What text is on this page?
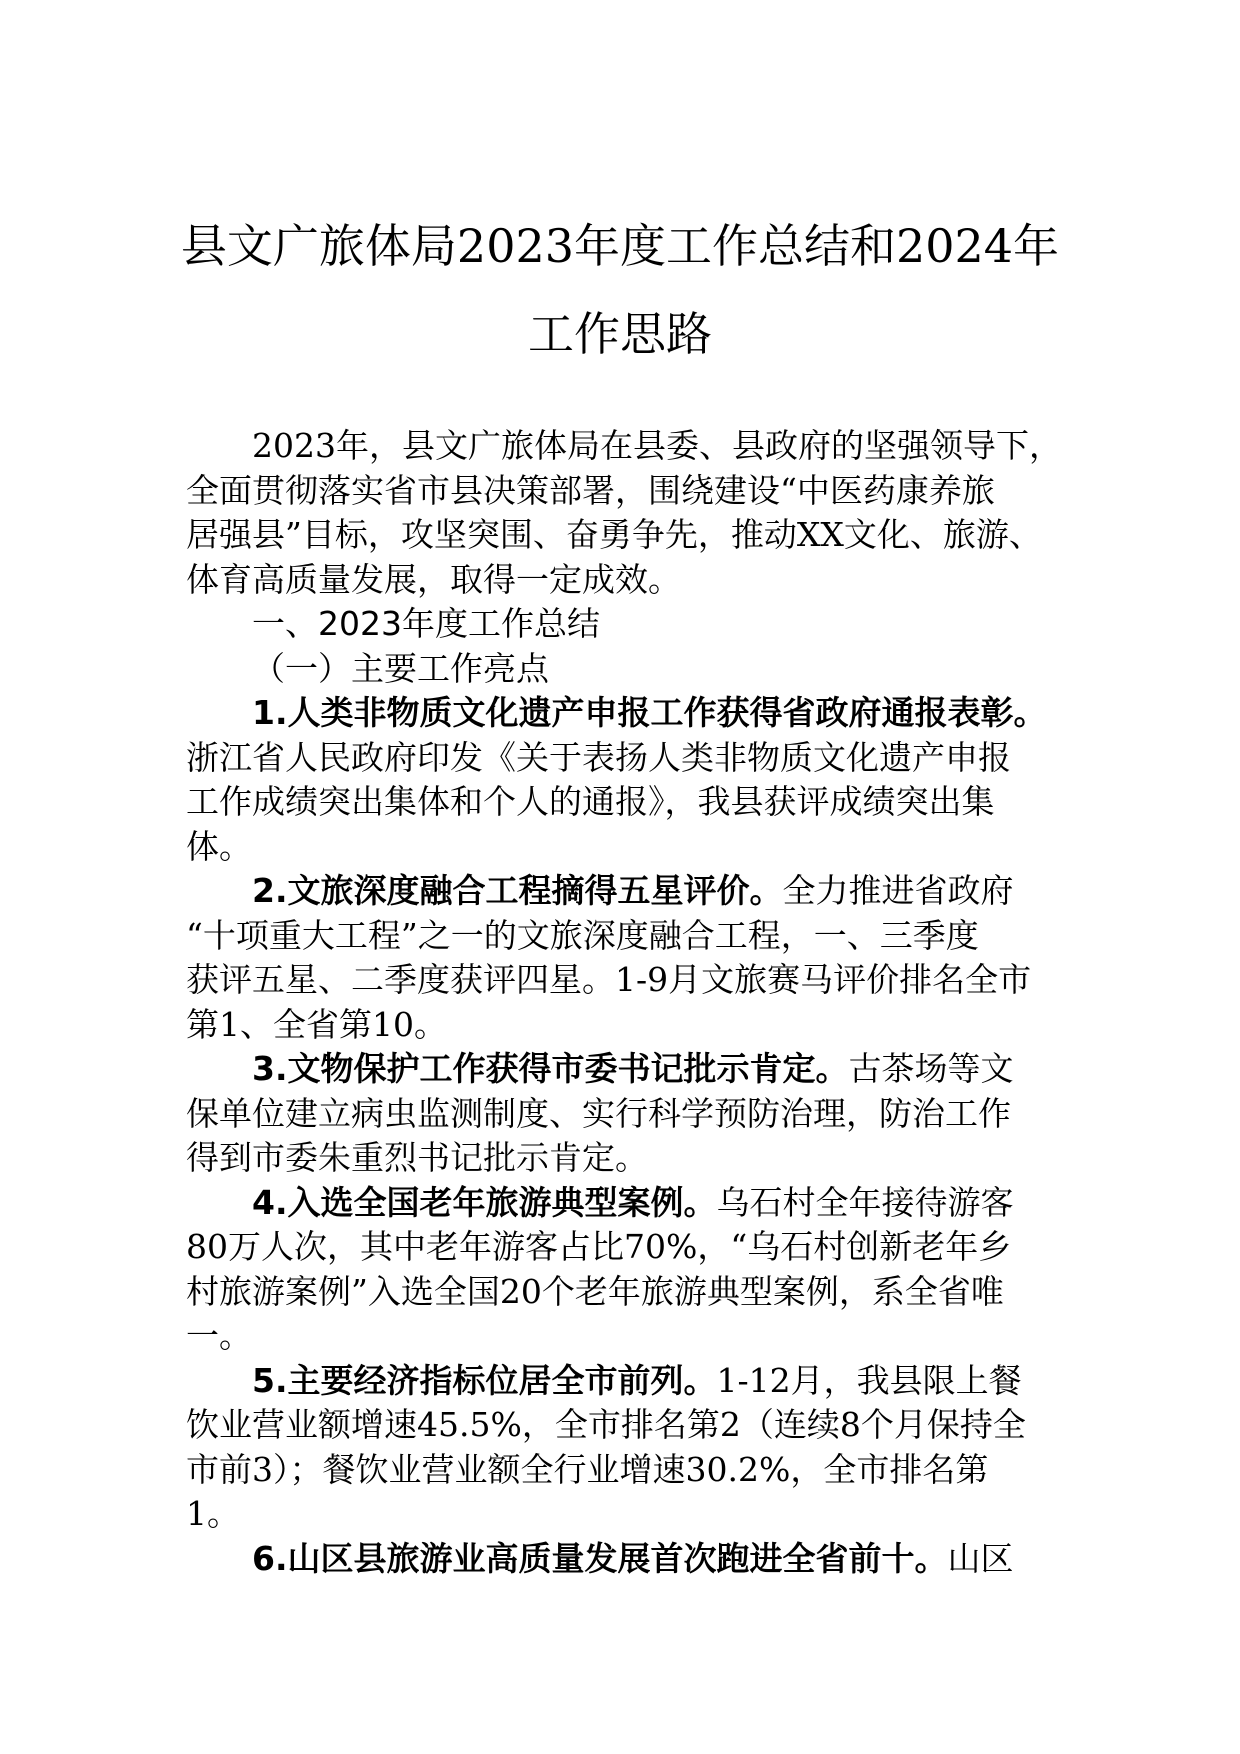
县文广旅体局2023年度工作总结和2024年
工作思路
2023年，县文广旅体局在县委、县政府的坚强领导下，
全面贯彻落实省市县决策部署，围绕建设“中医药康养旅
居强县”目标，攻坚突围、奋勇争先，推动XX文化、旅游、
体育高质量发展，取得一定成效。
一、2023年度工作总结
（一）主要工作亮点
1.人类非物质文化遗产申报工作获得省政府通报表彰。
浙江省人民政府印发《关于表扬人类非物质文化遗产申报
工作成绩突出集体和个人的通报》，我县获评成绩突出集
体。
2.文旅深度融合工程摘得五星评价。全力推进省政府
“十项重大工程”之一的文旅深度融合工程，一、三季度
获评五星、二季度获评四星。1-9月文旅赛马评价排名全市
第1、全省第10。
3.文物保护工作获得市委书记批示肯定。古茶场等文
保单位建立病虫监测制度、实行科学预防治理，防治工作
得到市委朱重烈书记批示肯定。
4.入选全国老年旅游典型案例。乌石村全年接待游客
80万人次，其中老年游客占比70%，“乌石村创新老年乡
村旅游案例”入选全国20个老年旅游典型案例，系全省唯
一。
5.主要经济指标位居全市前列。1-12月，我县限上餐
饮业营业额增速45.5%，全市排名第2（连续8个月保持全
市前3）；餐饮业营业额全行业增速30.2%，全市排名第
1。
6.山区县旅游业高质量发展首次跑进全省前十。山区
